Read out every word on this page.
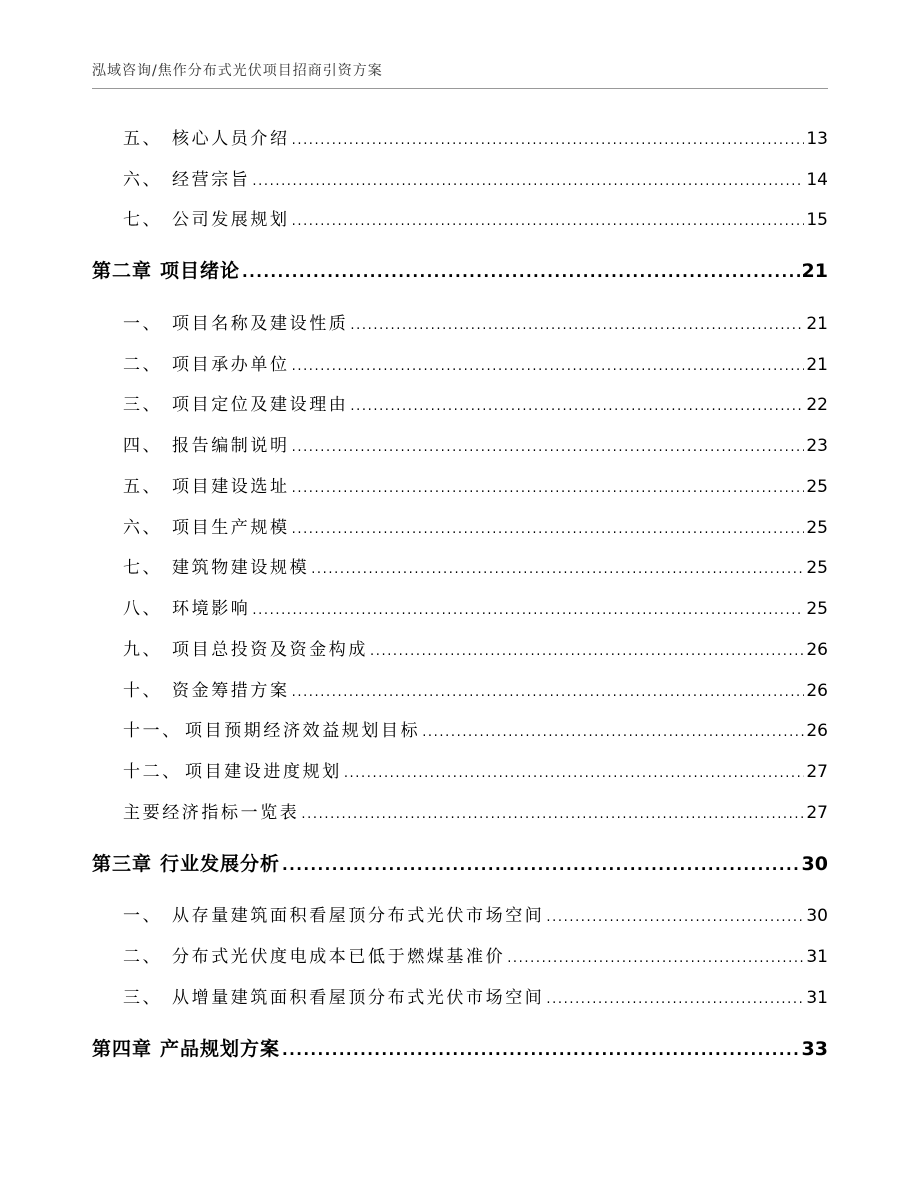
泓域咨询/焦作分布式光伏项目招商引资方案
五、 核心人员介绍 .....	13
六、 经营宗旨 .....	14
七、 公司发展规划 .....	15
第二章 项目绪论 .....	21
一、 项目名称及建设性质 .....	21
二、 项目承办单位 .....	21
三、 项目定位及建设理由 .....	22
四、 报告编制说明 .....	23
五、 项目建设选址 .....	25
六、 项目生产规模 .....	25
七、 建筑物建设规模 .....	25
八、 环境影响 .....	25
九、 项目总投资及资金构成 .....	26
十、 资金筹措方案 .....	26
十一、 项目预期经济效益规划目标 .....	26
十二、 项目建设进度规划 .....	27
主要经济指标一览表 .....	27
第三章 行业发展分析 .....	30
一、 从存量建筑面积看屋顶分布式光伏市场空间 .....	30
二、 分布式光伏度电成本已低于燃煤基准价 .....	31
三、 从增量建筑面积看屋顶分布式光伏市场空间 .....	31
第四章 产品规划方案 .....	33
